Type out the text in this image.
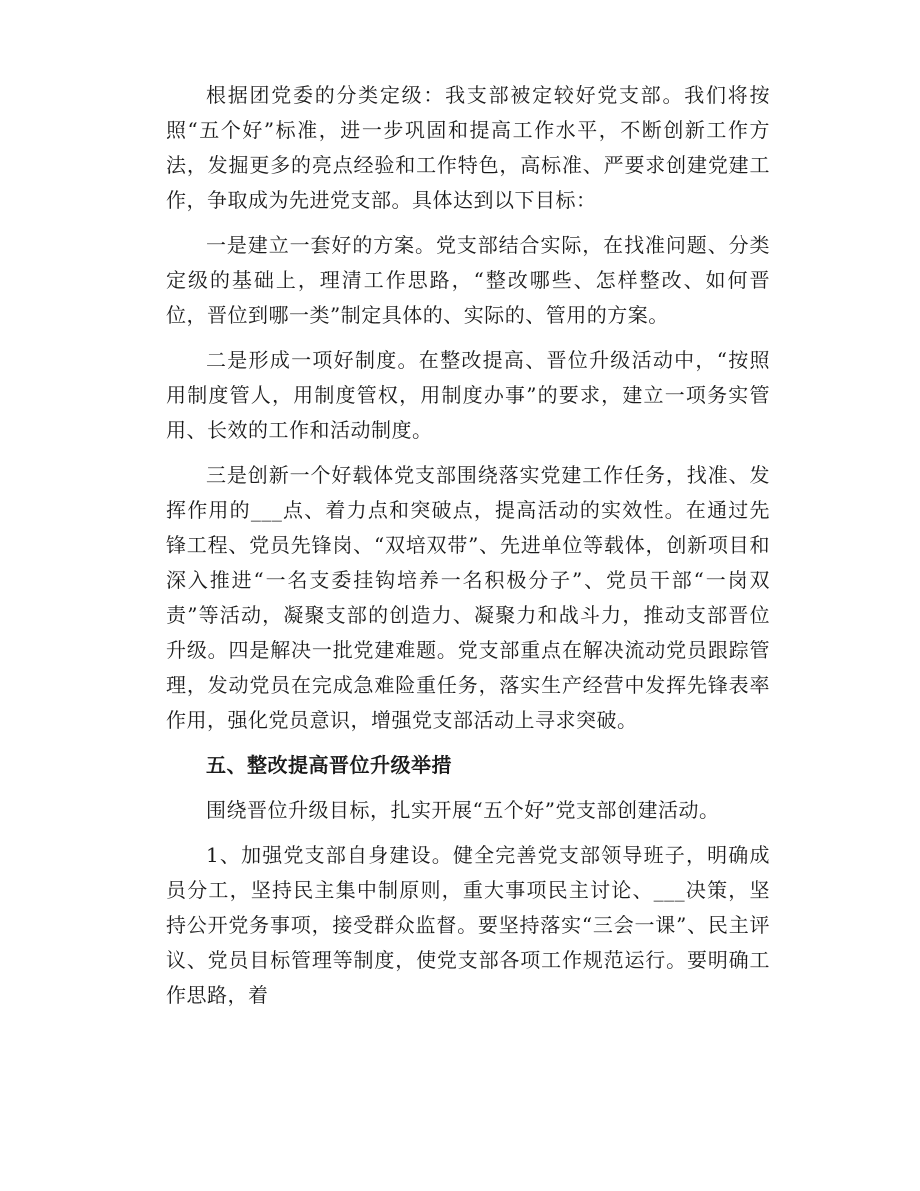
根据团党委的分类定级：我支部被定较好党支部。我们将按照“五个好”标准，进一步巩固和提高工作水平，不断创新工作方法，发掘更多的亮点经验和工作特色，高标准、严要求创建党建工作，争取成为先进党支部。具体达到以下目标：

一是建立一套好的方案。党支部结合实际，在找准问题、分类定级的基础上，理清工作思路，“整改哪些、怎样整改、如何晋位，晋位到哪一类”制定具体的、实际的、管用的方案。

二是形成一项好制度。在整改提高、晋位升级活动中，“按照用制度管人，用制度管权，用制度办事”的要求，建立一项务实管用、长效的工作和活动制度。

三是创新一个好载体党支部围绕落实党建工作任务，找准、发挥作用的___点、着力点和突破点，提高活动的实效性。在通过先锋工程、党员先锋岗、“双培双带”、先进单位等载体，创新项目和深入推进“一名支委挂钩培养一名积极分子”、党员干部“一岗双责”等活动，凝聚支部的创造力、凝聚力和战斗力，推动支部晋位升级。四是解决一批党建难题。党支部重点在解决流动党员跟踪管理，发动党员在完成急难险重任务，落实生产经营中发挥先锋表率作用，强化党员意识，增强党支部活动上寻求突破。

五、整改提高晋位升级举措

围绕晋位升级目标，扎实开展“五个好”党支部创建活动。

1、加强党支部自身建设。健全完善党支部领导班子，明确成员分工，坚持民主集中制原则，重大事项民主讨论、___决策，坚持公开党务事项，接受群众监督。要坚持落实“三会一课”、民主评议、党员目标管理等制度，使党支部各项工作规范运行。要明确工作思路，着
